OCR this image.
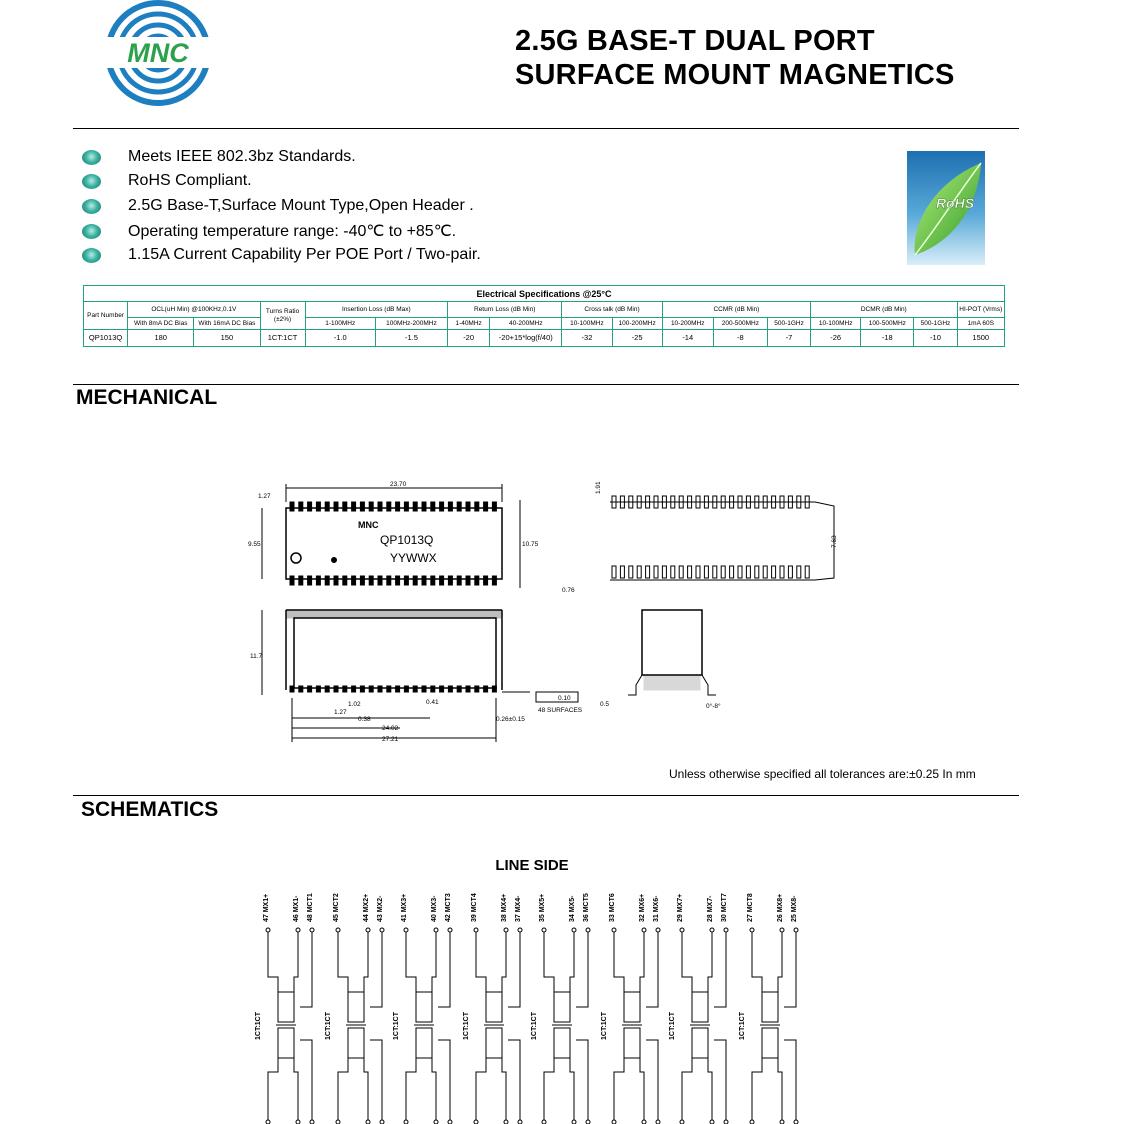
MNC	2.5G BASE-T DUAL PORT
SURFACE MOUNT MAGNETICS
Meets IEEE 802.3bz Standards.
RoHS Compliant.
2.5G Base-T,Surface Mount Type,Open Header .
Operating temperature range: -40℃ to +85℃.
1.15A Current Capability Per POE Port / Two-pair.
RoHS
Electrical Specifications @25°C																
Part Number	OCL(uH Min) @100KHz,0.1V		Turns Ratio (±2%)	Insertion Loss (dB Max)		Return Loss (dB Min)		Cross talk (dB Min)		CCMR (dB Min)			DCMR (dB Min)			HI-POT (Vrms)
	With 8mA DC Bias	With 16mA DC Bias		1-100MHz	100MHz-200MHz	1-40MHz	40-200MHz	10-100MHz	100-200MHz	10-200MHz	200-500MHz	500-1GHz	10-100MHz	100-500MHz	500-1GHz	1mA 60S
QP1013Q	180	150	1CT:1CT	-1.0	-1.5	-20	-20+15*log(f/40)	-32	-25	-14	-8	-7	-26	-18	-10	1500
MECHANICAL
1.27
23.70
9.55	10.75
1.91
7.63
0.76
11.7
1.02	0.41
1.27
0.38
24.02
27.21
0.26±0.15
0.5	0°-8°
0.10
48 SURFACES
MNC
QP1013Q
YYWWX
Unless otherwise specified all tolerances are:±0.25 In mm
SCHEMATICS
LINE SIDE
47 MX1+	46 MX1- 48 MCT1
1CT:1CT
45 MCT2	44 MX2+ 43 MX2-
1CT:1CT
41 MX3+	40 MX3- 42 MCT3
1CT:1CT
39 MCT4	38 MX4+ 37 MX4-
1CT:1CT
35 MX5+	34 MX5- 36 MCT5
1CT:1CT
33 MCT6	32 MX6+ 31 MX6-
1CT:1CT
29 MX7+	28 MX7- 30 MCT7
1CT:1CT
27 MCT8	26 MX8+ 25 MX8-
1CT:1CT
